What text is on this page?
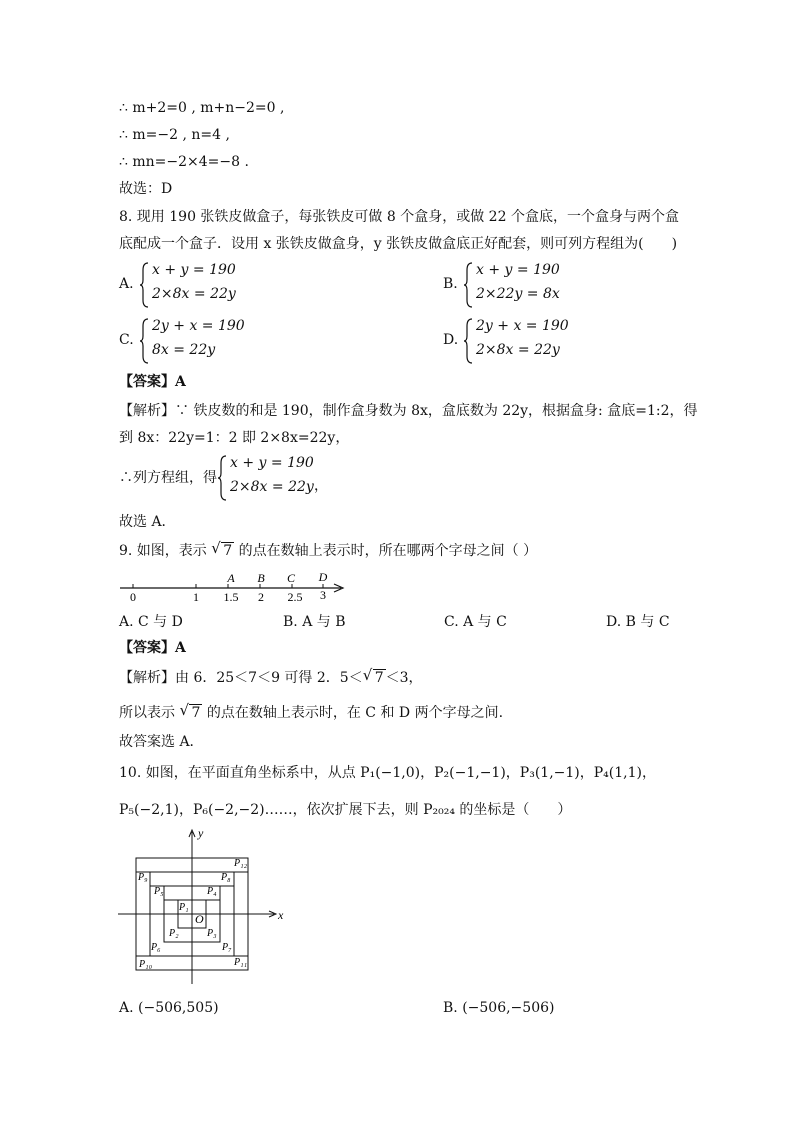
∴ m+2=0 , m+n−2=0 ,
∴ m=−2 , n=4 ,
∴ mn=−2×4=−8 .
故选：D
8. 现用 190 张铁皮做盒子，每张铁皮可做 8 个盒身，或做 22 个盒底，一个盒身与两个盒
底配成一个盒子．设用 x 张铁皮做盒身，y 张铁皮做盒底正好配套，则可列方程组为(　　)
A.
x + y = 190
2×8x = 22y
B.
x + y = 190
2×22y = 8x
C.
2y + x = 190
8x = 22y
D.
2y + x = 190
2×8x = 22y
【答案】A
【解析】∵ 铁皮数的和是 190，制作盒身数为 8x，盒底数为 22y，根据盒身: 盒底=1:2，得
到 8x：22y=1：2 即 2×8x=22y，
∴列方程组，得
x + y = 190
2×8x = 22y ，
故选 A．
9. 如图，表示 √ 7 的点在数轴上表示时，所在哪两个字母之间（ ）
0	1 1.5 2 2.5 3
A B C D
A. C 与 D	B. A 与 B	C. A 与 C	D. B 与 C
【答案】A
【解析】由 6．25＜7＜9 可得 2．5＜ √ 7 ＜3，
所以表示 √ 7 的点在数轴上表示时，在 C 和 D 两个字母之间.
故答案选 A．
10. 如图，在平面直角坐标系中，从点 P₁(−1,0)，P₂(−1,−1)，P₃(1,−1)，P₄(1,1)，
P₅(−2,1)，P₆(−2,−2)……，依次扩展下去，则 P₂₀₂₄ 的坐标是（　　）
x
y
O
P₁
P₂	P₃
P₄
P₅
P₆	P₇
P₈
P₉
P₁₀	P₁₁
P₁₂
A. (−506,505)	B. (−506,−506)
